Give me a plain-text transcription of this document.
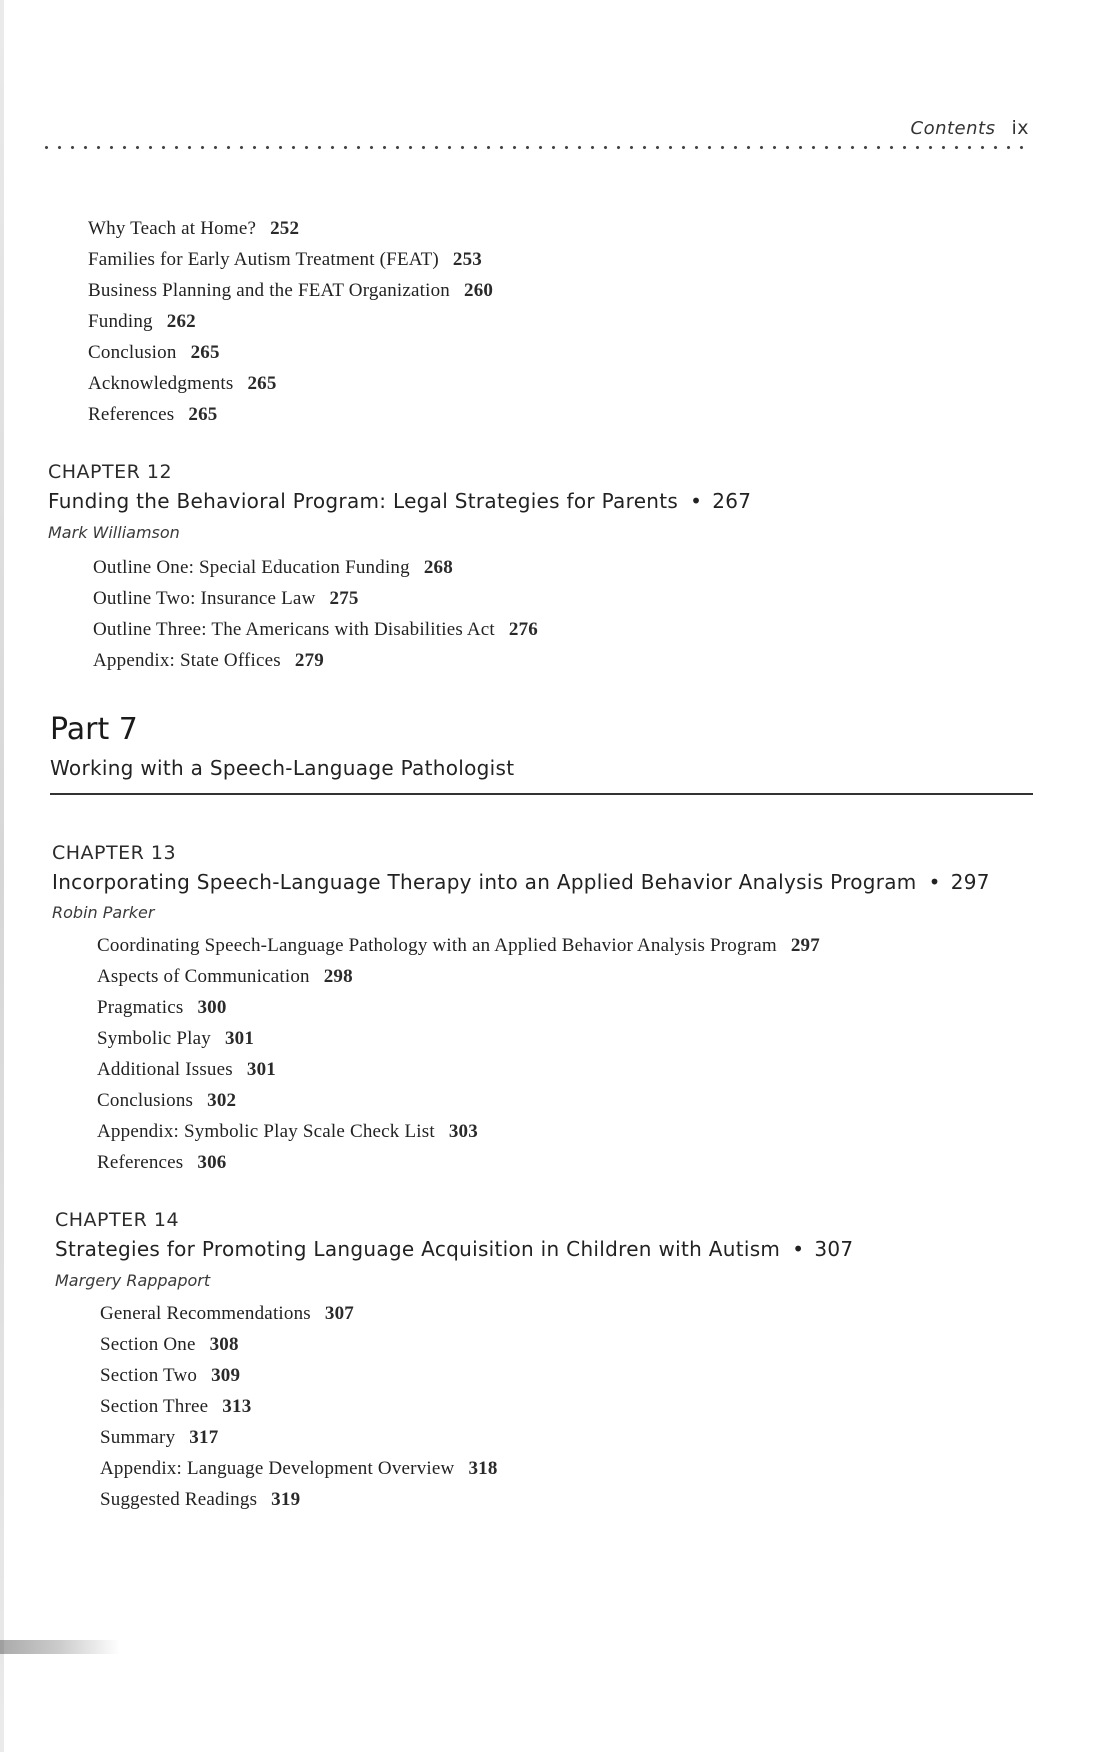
Contents ix
Why Teach at Home? 252
Families for Early Autism Treatment (FEAT) 253
Business Planning and the FEAT Organization 260
Funding 262
Conclusion 265
Acknowledgments 265
References 265
CHAPTER 12
Funding the Behavioral Program: Legal Strategies for Parents • 267
Mark Williamson
Outline One: Special Education Funding 268
Outline Two: Insurance Law 275
Outline Three: The Americans with Disabilities Act 276
Appendix: State Offices 279
Part 7
Working with a Speech-Language Pathologist
CHAPTER 13
Incorporating Speech-Language Therapy into an Applied Behavior Analysis Program • 297
Robin Parker
Coordinating Speech-Language Pathology with an Applied Behavior Analysis Program 297
Aspects of Communication 298
Pragmatics 300
Symbolic Play 301
Additional Issues 301
Conclusions 302
Appendix: Symbolic Play Scale Check List 303
References 306
CHAPTER 14
Strategies for Promoting Language Acquisition in Children with Autism • 307
Margery Rappaport
General Recommendations 307
Section One 308
Section Two 309
Section Three 313
Summary 317
Appendix: Language Development Overview 318
Suggested Readings 319
